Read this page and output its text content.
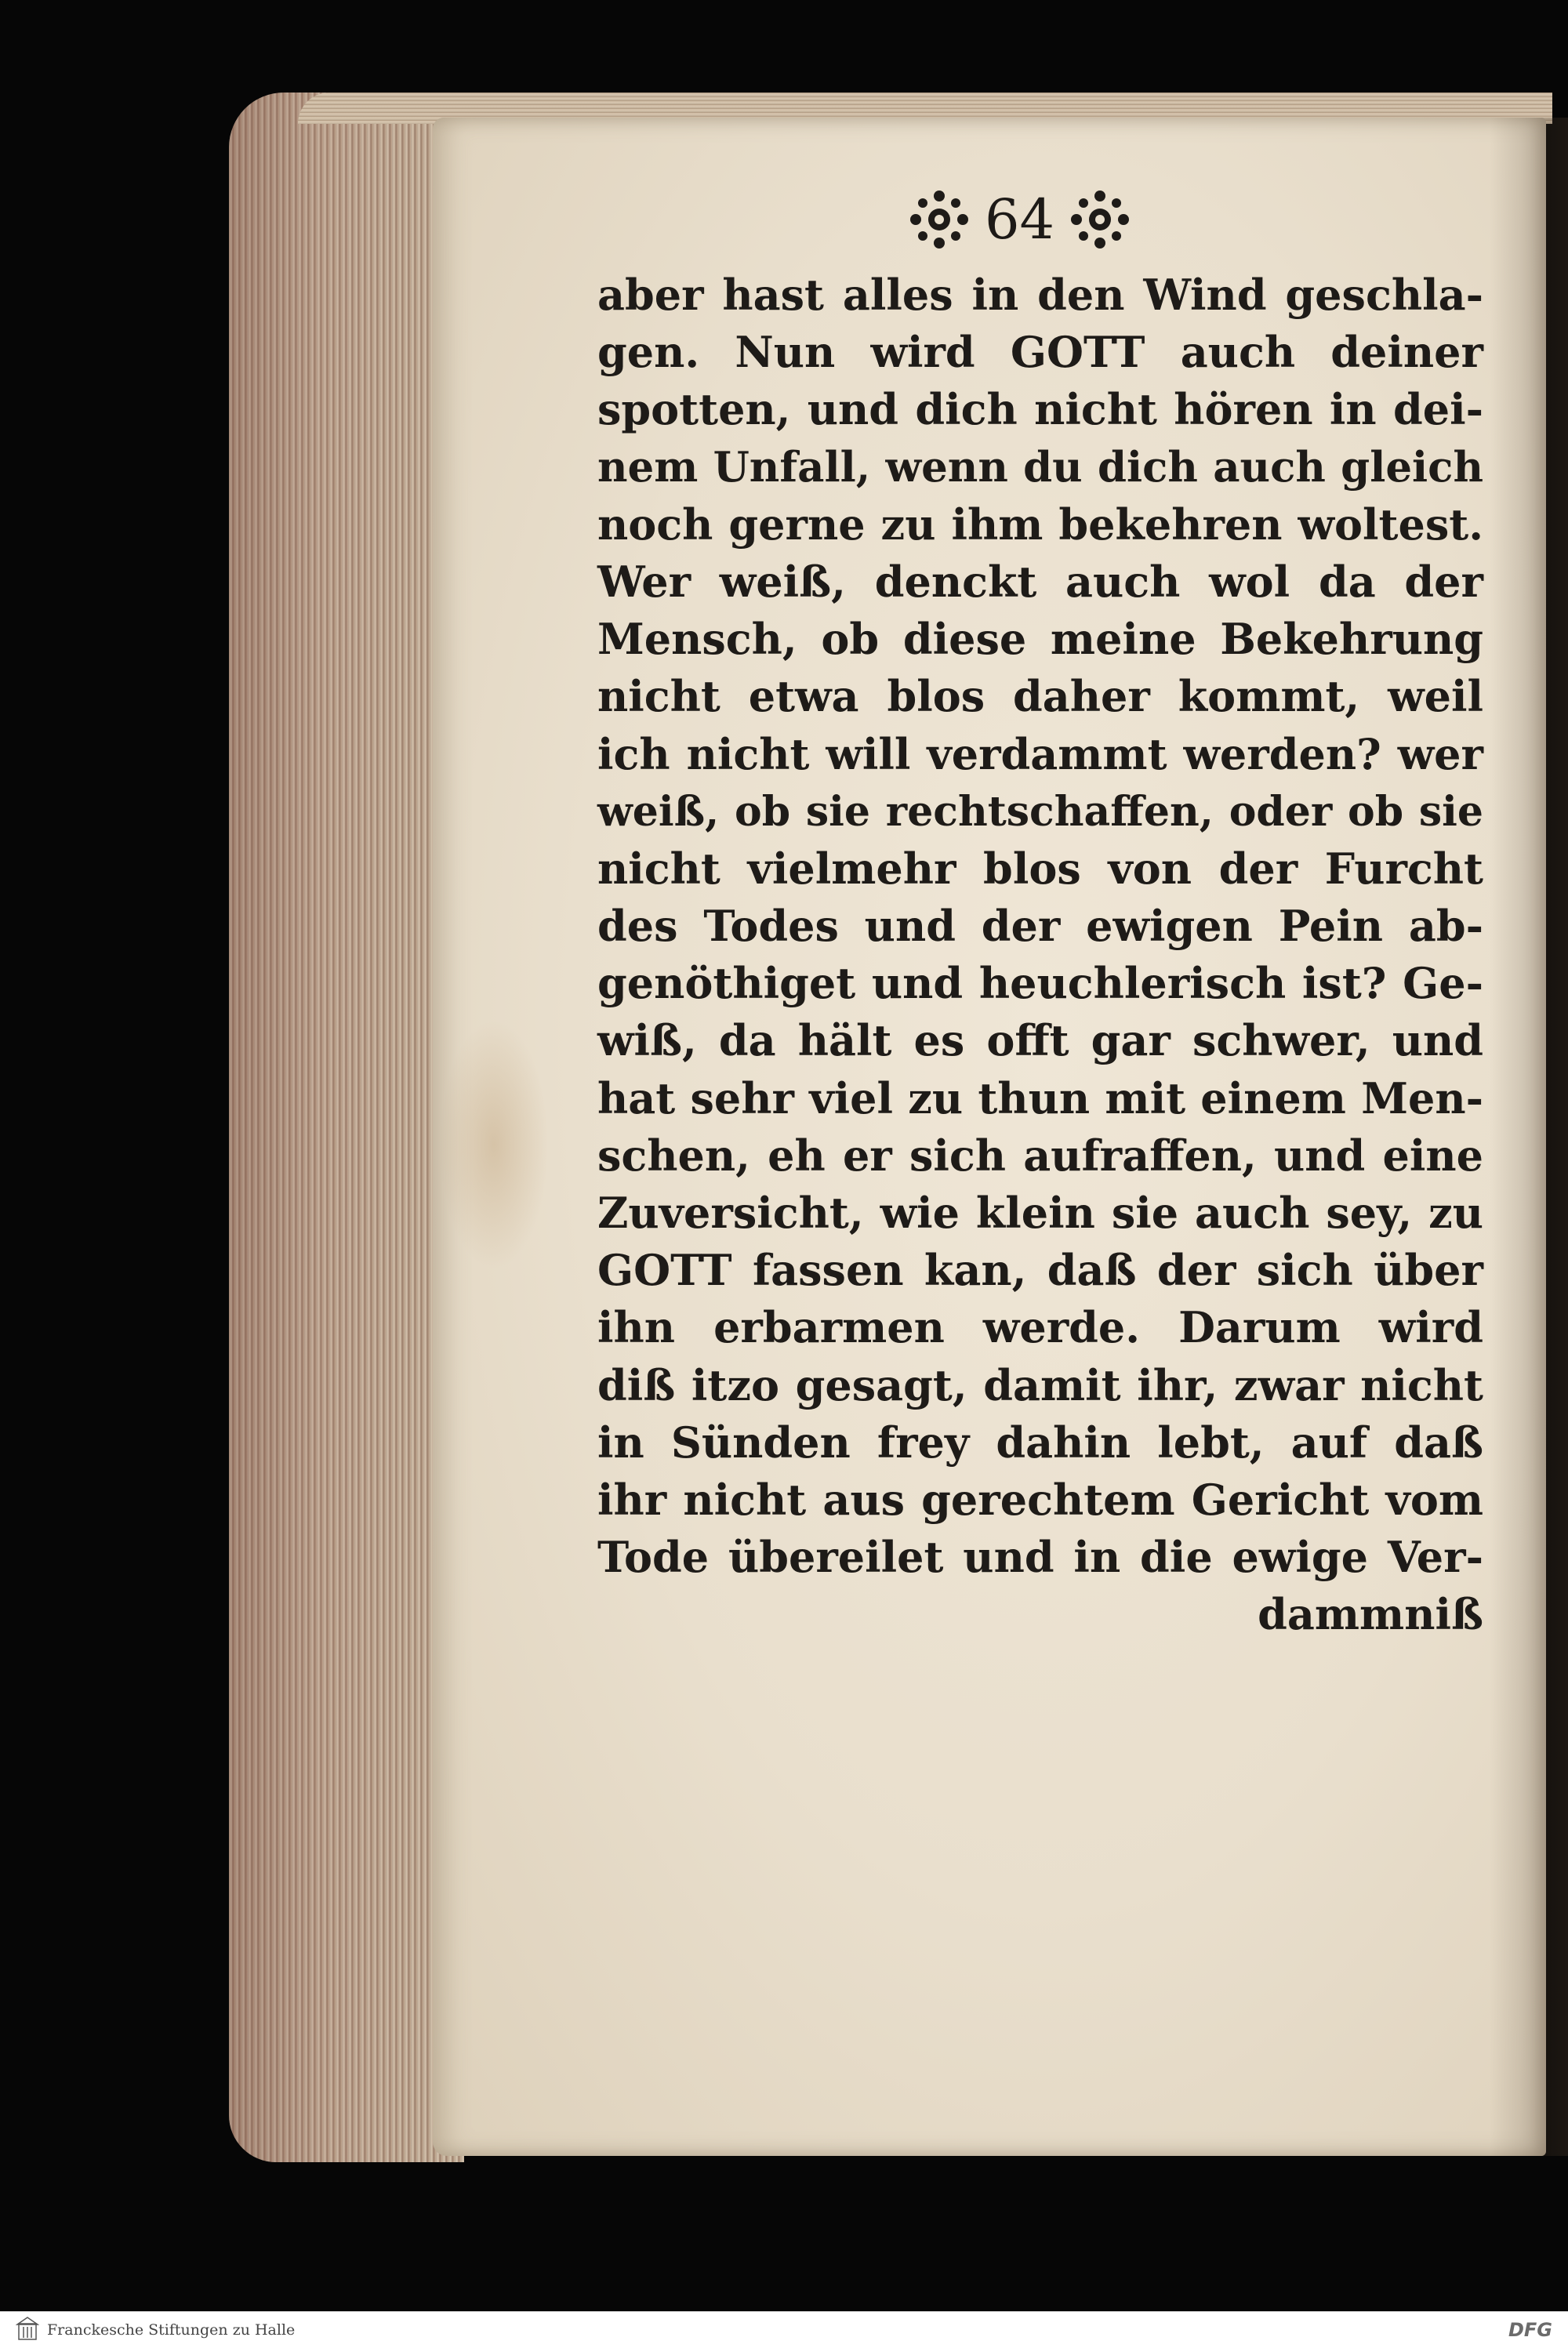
64
aber hast alles in den Wind geschla-
gen. Nun wird GOTT auch deiner
spotten, und dich nicht hören in dei-
nem Unfall, wenn du dich auch gleich
noch gerne zu ihm bekehren woltest.
Wer weiß, denckt auch wol da der
Mensch, ob diese meine Bekehrung
nicht etwa blos daher kommt, weil
ich nicht will verdammt werden? wer
weiß, ob sie rechtschaffen, oder ob sie
nicht vielmehr blos von der Furcht
des Todes und der ewigen Pein ab-
genöthiget und heuchlerisch ist? Ge-
wiß, da hält es offt gar schwer, und
hat sehr viel zu thun mit einem Men-
schen, eh er sich aufraffen, und eine
Zuversicht, wie klein sie auch sey, zu
GOTT fassen kan, daß der sich über
ihn erbarmen werde. Darum wird
diß itzo gesagt, damit ihr, zwar nicht
in Sünden frey dahin lebt, auf daß
ihr nicht aus gerechtem Gericht vom
Tode übereilet und in die ewige Ver-
dammniß
Franckesche Stiftungen zu Halle	DFG
